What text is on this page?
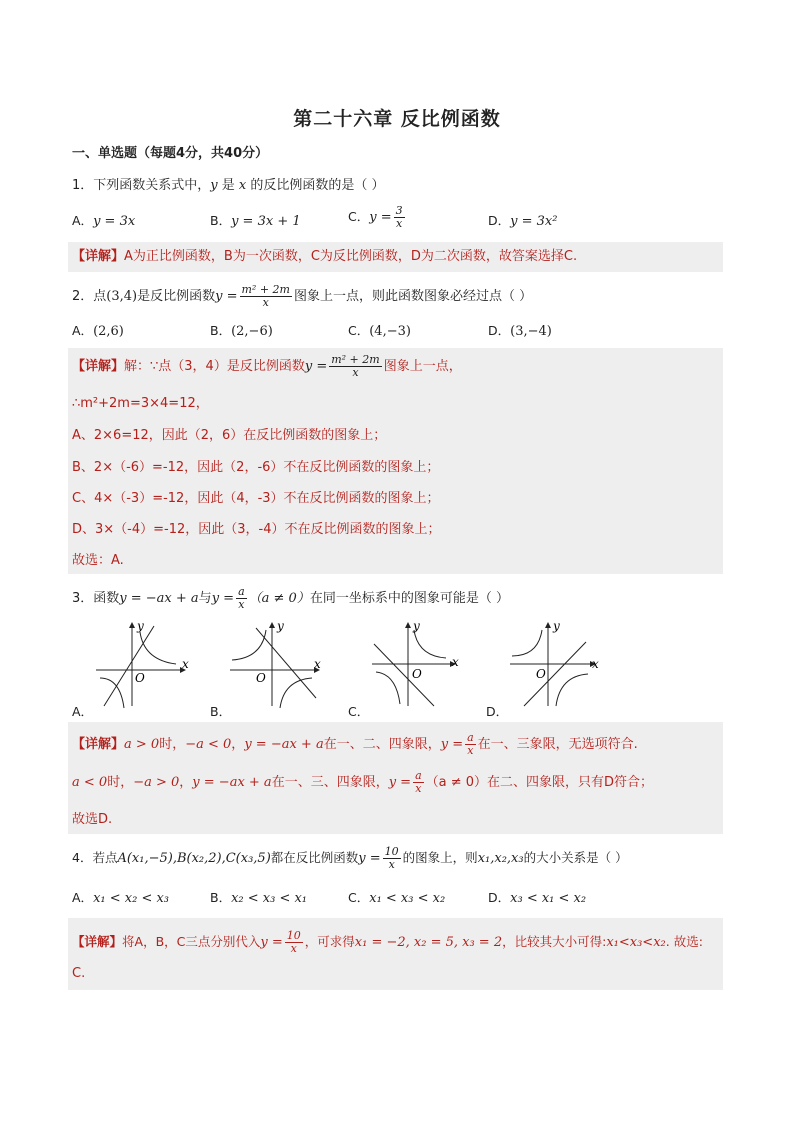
第二十六章 反比例函数
一、单选题（每题4分，共40分）
1．下列函数关系式中，y 是 x 的反比例函数的是（ ）
A．y = 3x	B．y = 3x + 1	C．$y = \frac{3}{x}$	D．y = 3x²
【详解】A为正比例函数，B为一次函数，C为反比例函数，D为二次函数，故答案选择C.
2．点(3,4)是反比例函数$y = \frac{\text{m² + 2m}}{x}$ 图象上一点，则此函数图象必经过点（ ）
A．(2,6)	B．(2,−6)	C．(4,−3)	D．(3,−4)
【详解】解：∵点（3，4）是反比例函数$y = \frac{\text{m² + 2m}}{x}$ 图象上一点，
∴m²+2m=3×4=12，
A、2×6=12，因此（2，6）在反比例函数的图象上；
B、2×（-6）=-12，因此（2，-6）不在反比例函数的图象上；
C、4×（-3）=-12，因此（4，-3）不在反比例函数的图象上；
D、3×（-4）=-12，因此（3，-4）不在反比例函数的图象上；
故选：A.
3．函数y = −ax + a与$y = \frac{a}{x} (a \ne 0)$在同一坐标系中的图象可能是（ ）
x
y
O
A．
x
y
O
B．
x
y
O
C．
x
y
O
D．
【详解】a > 0时，−a < 0，y = −ax + a在一、二、四象限，$y = \frac{a}{x}$ 在一、三象限，无选项符合.
a < 0时，−a > 0，y = −ax + a在一、三、四象限，$y = \frac{a}{x} (a \ne 0)$在二、四象限，只有D符合；
故选D.
4．若点A(x₁,−5),B(x₂,2),C(x₃,5)都在反比例函数$y = \frac{10}{x}$ 的图象上，则x₁,x₂,x₃的大小关系是（ ）
A．x₁ < x₂ < x₃	B．x₂ < x₃ < x₁	C．x₁ < x₃ < x₂	D．x₃ < x₁ < x₂
【详解】将A，B，C三点分别代入$y = \frac{10}{x}$ ，可求得x₁ = −2, x₂ = 5, x₃ = 2，比较其大小可得:x₁<x₃<x₂. 故选:
C.
